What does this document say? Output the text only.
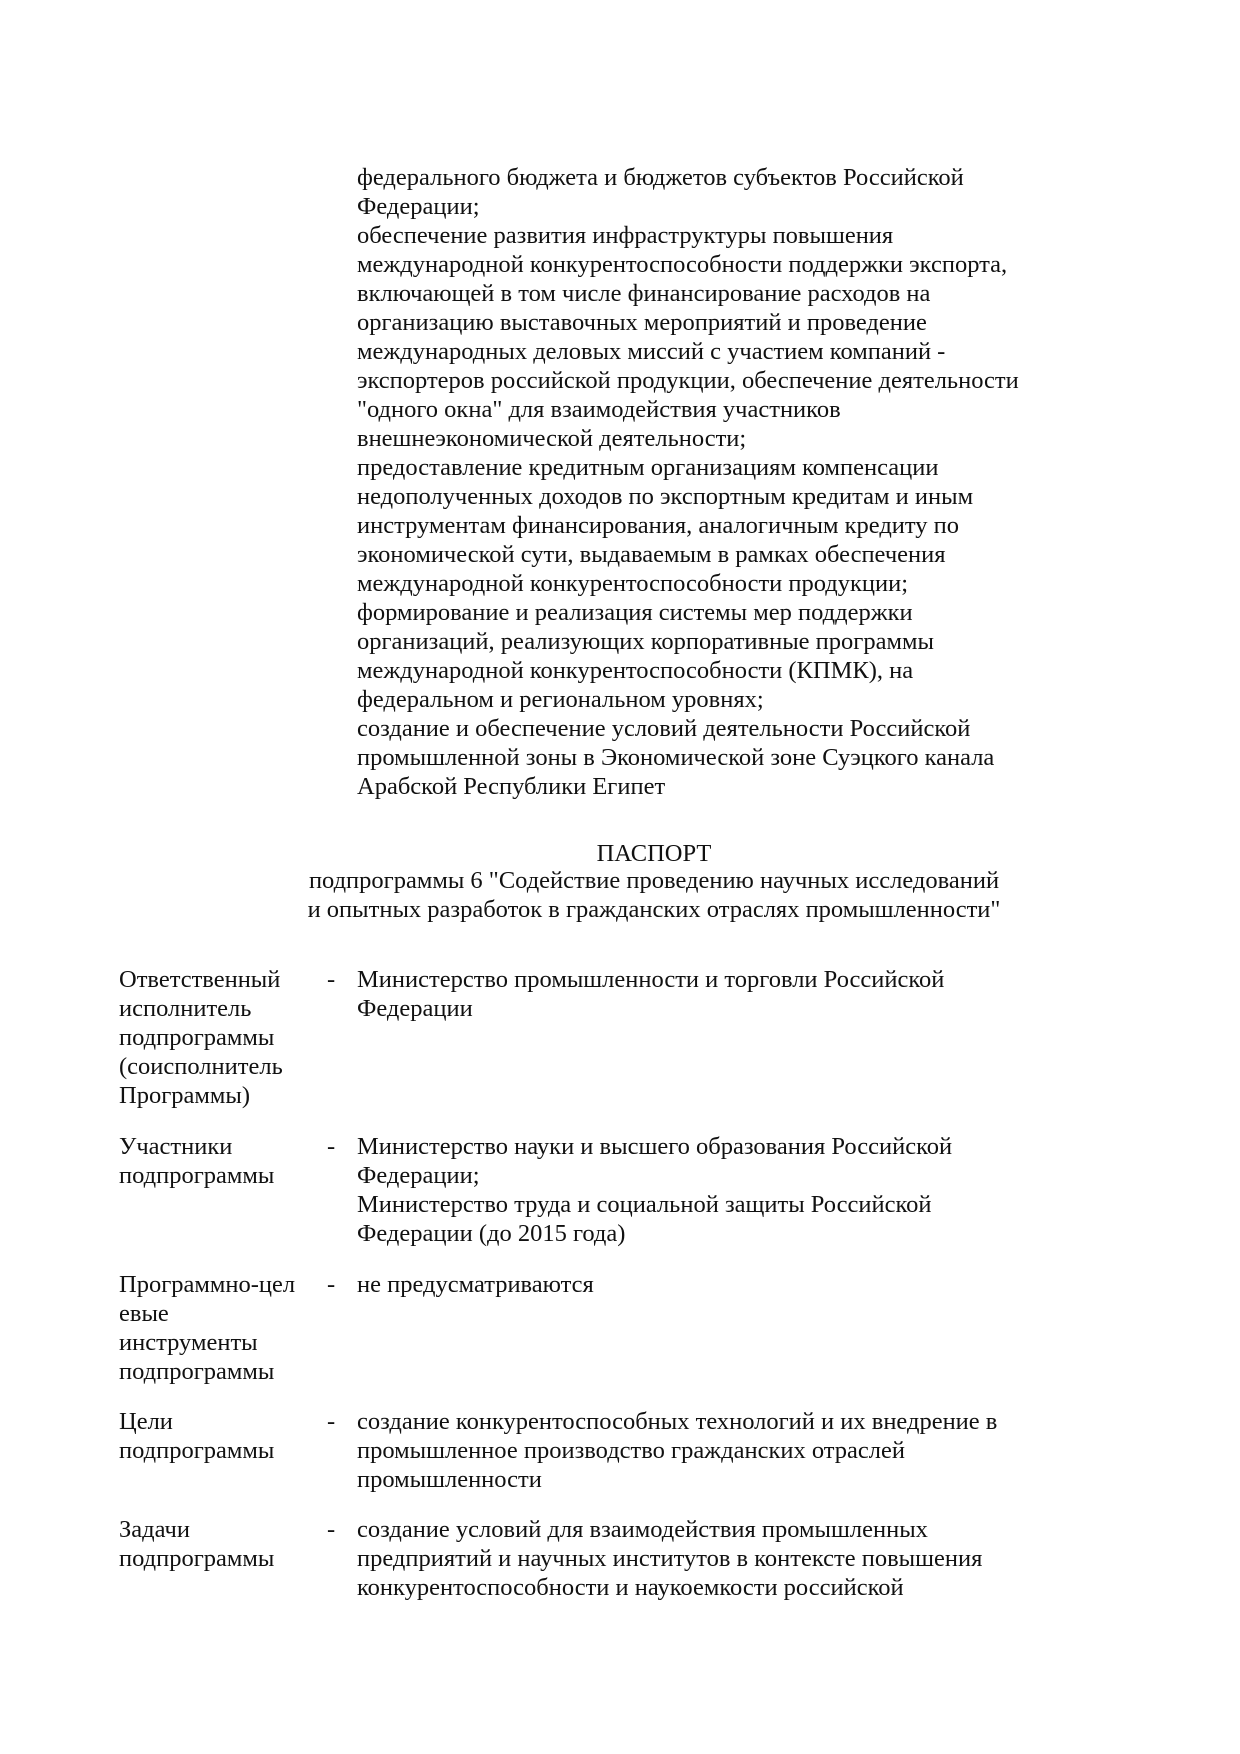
федерального бюджета и бюджетов субъектов Российской
Федерации;
обеспечение развития инфраструктуры повышения
международной конкурентоспособности поддержки экспорта,
включающей в том числе финансирование расходов на
организацию выставочных мероприятий и проведение
международных деловых миссий с участием компаний -
экспортеров российской продукции, обеспечение деятельности
"одного окна" для взаимодействия участников
внешнеэкономической деятельности;
предоставление кредитным организациям компенсации
недополученных доходов по экспортным кредитам и иным
инструментам финансирования, аналогичным кредиту по
экономической сути, выдаваемым в рамках обеспечения
международной конкурентоспособности продукции;
формирование и реализация системы мер поддержки
организаций, реализующих корпоративные программы
международной конкурентоспособности (КПМК), на
федеральном и региональном уровнях;
создание и обеспечение условий деятельности Российской
промышленной зоны в Экономической зоне Суэцкого канала
Арабской Республики Египет
ПАСПОРТ
подпрограммы 6 "Содействие проведению научных исследований
и опытных разработок в гражданских отраслях промышленности"
Ответственный
исполнитель
подпрограммы
(соисполнитель
Программы)
- Министерство промышленности и торговли Российской
Федерации
Участники
подпрограммы
- Министерство науки и высшего образования Российской
Федерации;
Министерство труда и социальной защиты Российской
Федерации (до 2015 года)
Программно-цел
евые
инструменты
подпрограммы
- не предусматриваются
Цели
подпрограммы
- создание конкурентоспособных технологий и их внедрение в
промышленное производство гражданских отраслей
промышленности
Задачи
подпрограммы
- создание условий для взаимодействия промышленных
предприятий и научных институтов в контексте повышения
конкурентоспособности и наукоемкости российской
